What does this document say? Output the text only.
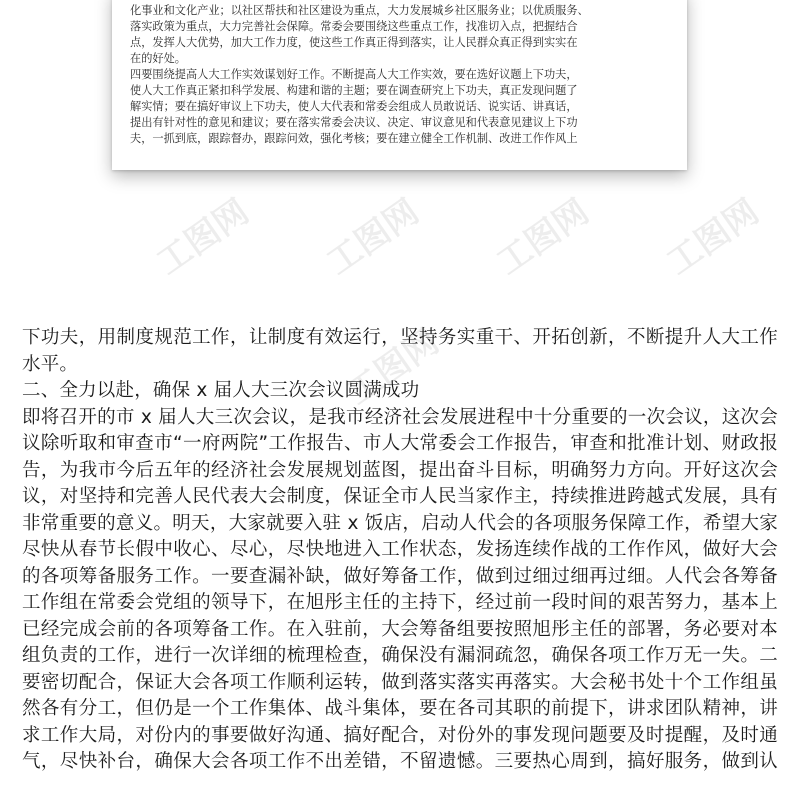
化事业和文化产业；以社区帮扶和社区建设为重点，大力发展城乡社区服务业；以优质服务、
落实政策为重点，大力完善社会保障。常委会要围绕这些重点工作，找准切入点，把握结合
点，发挥人大优势，加大工作力度，使这些工作真正得到落实，让人民群众真正得到实实在
在的好处。
四要围绕提高人大工作实效谋划好工作。不断提高人大工作实效，要在选好议题上下功夫，
使人大工作真正紧扣科学发展、构建和谐的主题；要在调查研究上下功夫，真正发现问题了
解实情；要在搞好审议上下功夫，使人大代表和常委会组成人员敢说话、说实话、讲真话，
提出有针对性的意见和建议；要在落实常委会决议、决定、审议意见和代表意见建议上下功
夫，一抓到底，跟踪督办，跟踪问效，强化考核；要在建立健全工作机制、改进工作作风上
工图网 工图网 工图网 工图网
工图网
下功夫，用制度规范工作，让制度有效运行，坚持务实重干、开拓创新，不断提升人大工作
水平。
二、全力以赴，确保 x 届人大三次会议圆满成功
即将召开的市 x 届人大三次会议，是我市经济社会发展进程中十分重要的一次会议，这次会
议除听取和审查市“一府两院”工作报告、市人大常委会工作报告，审查和批准计划、财政报
告，为我市今后五年的经济社会发展规划蓝图，提出奋斗目标，明确努力方向。开好这次会
议，对坚持和完善人民代表大会制度，保证全市人民当家作主，持续推进跨越式发展，具有
非常重要的意义。明天，大家就要入驻 x 饭店，启动人代会的各项服务保障工作，希望大家
尽快从春节长假中收心、尽心，尽快地进入工作状态，发扬连续作战的工作作风，做好大会
的各项筹备服务工作。一要查漏补缺，做好筹备工作，做到过细过细再过细。人代会各筹备
工作组在常委会党组的领导下，在旭彤主任的主持下，经过前一段时间的艰苦努力，基本上
已经完成会前的各项筹备工作。在入驻前，大会筹备组要按照旭彤主任的部署，务必要对本
组负责的工作，进行一次详细的梳理检查，确保没有漏洞疏忽，确保各项工作万无一失。二
要密切配合，保证大会各项工作顺利运转，做到落实落实再落实。大会秘书处十个工作组虽
然各有分工，但仍是一个工作集体、战斗集体，要在各司其职的前提下，讲求团队精神，讲
求工作大局，对份内的事要做好沟通、搞好配合，对份外的事发现问题要及时提醒，及时通
气，尽快补台，确保大会各项工作不出差错，不留遗憾。三要热心周到，搞好服务，做到认
